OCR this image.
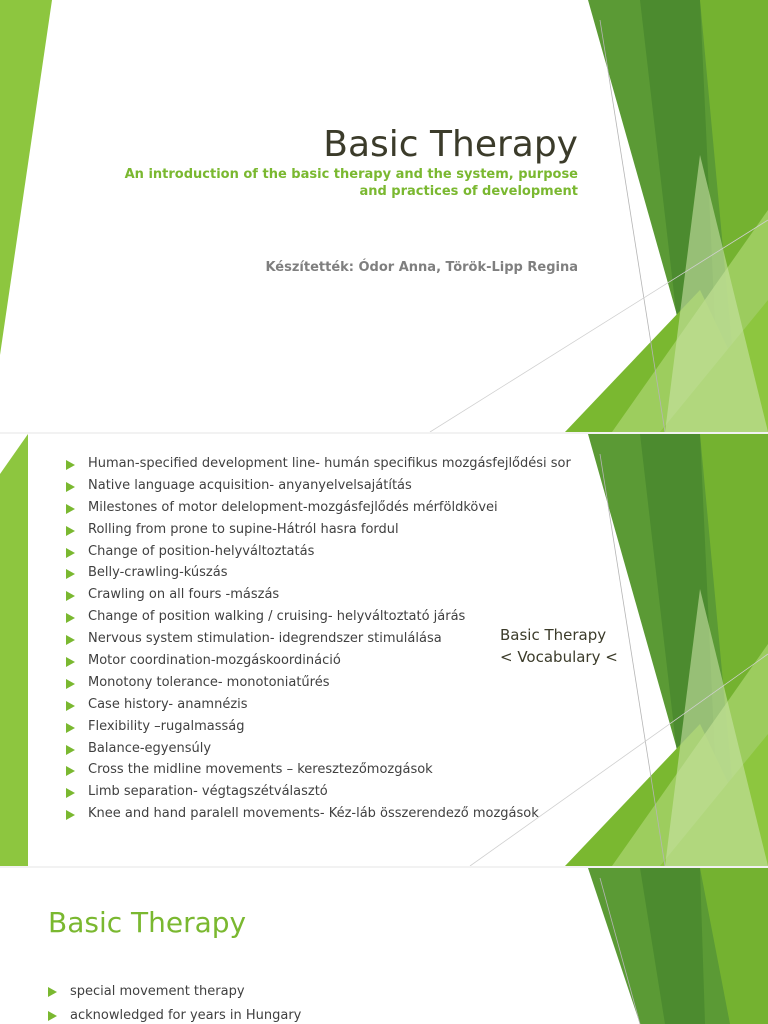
Basic Therapy
An introduction of the basic therapy and the system, purpose and practices of development
Készítették: Ódor Anna, Török-Lipp Regina
Human-specified development line- humán specifikus mozgásfejlődési sor
Native language acquisition- anyanyelvelsajátítás
Milestones of motor delelopment-mozgásfejlődés mérföldkövei
Rolling from prone to supine-Hátról hasra fordul
Change of position-helyváltoztatás
Belly-crawling-kúszás
Crawling on all fours -mászás
Change of position walking / cruising- helyváltoztató járás
Nervous system stimulation- idegrendszer stimulálása
Motor coordination-mozgáskoordináció
Monotony tolerance- monotoniatűrés
Case history- anamnézis
Flexibility –rugalmasság
Balance-egyensúly
Cross the midline movements – keresztezőmozgások
Limb separation- végtagszétválasztó
Knee and hand paralell movements- Kéz-láb összerendező mozgások
Basic Therapy
< Vocabulary <
Basic Therapy
special movement therapy
acknowledged for years in Hungary
